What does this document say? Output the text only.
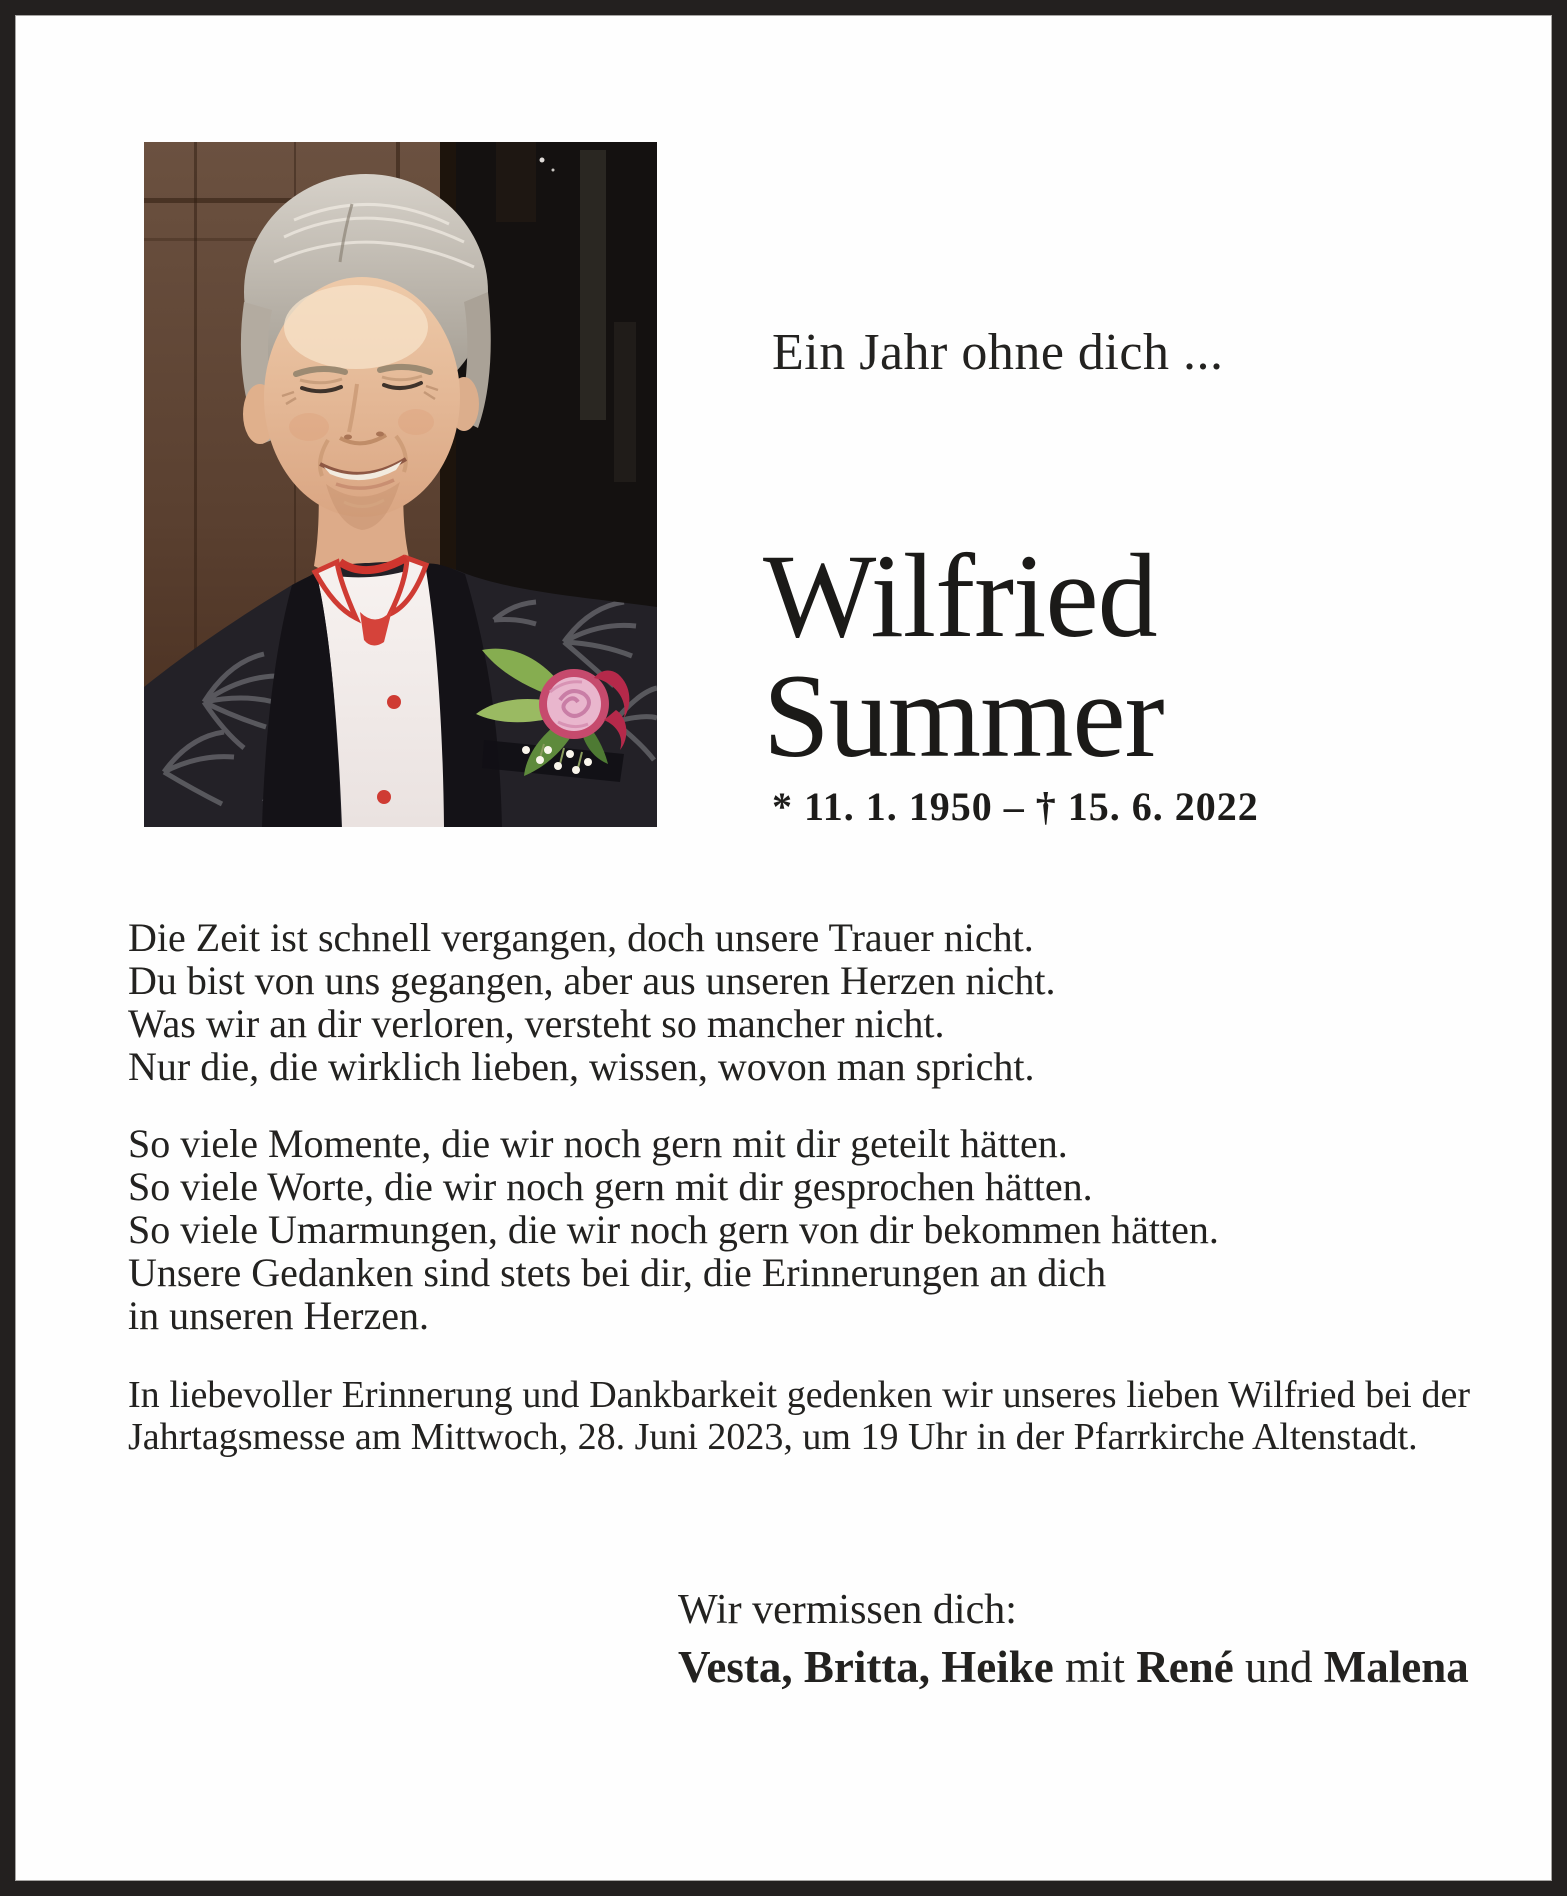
Ein Jahr ohne dich ...
Wilfried
Summer
* 11. 1. 1950 – † 15. 6. 2022
Die Zeit ist schnell vergangen, doch unsere Trauer nicht.
Du bist von uns gegangen, aber aus unseren Herzen nicht.
Was wir an dir verloren, versteht so mancher nicht.
Nur die, die wirklich lieben, wissen, wovon man spricht.
So viele Momente, die wir noch gern mit dir geteilt hätten.
So viele Worte, die wir noch gern mit dir gesprochen hätten.
So viele Umarmungen, die wir noch gern von dir bekommen hätten.
Unsere Gedanken sind stets bei dir, die Erinnerungen an dich
in unseren Herzen.
In liebevoller Erinnerung und Dankbarkeit gedenken wir unseres lieben Wilfried bei der Jahrtagsmesse am Mittwoch, 28. Juni 2023, um 19 Uhr in der Pfarrkirche Altenstadt.
Wir vermissen dich:
Vesta, Britta, Heike mit René und Malena
